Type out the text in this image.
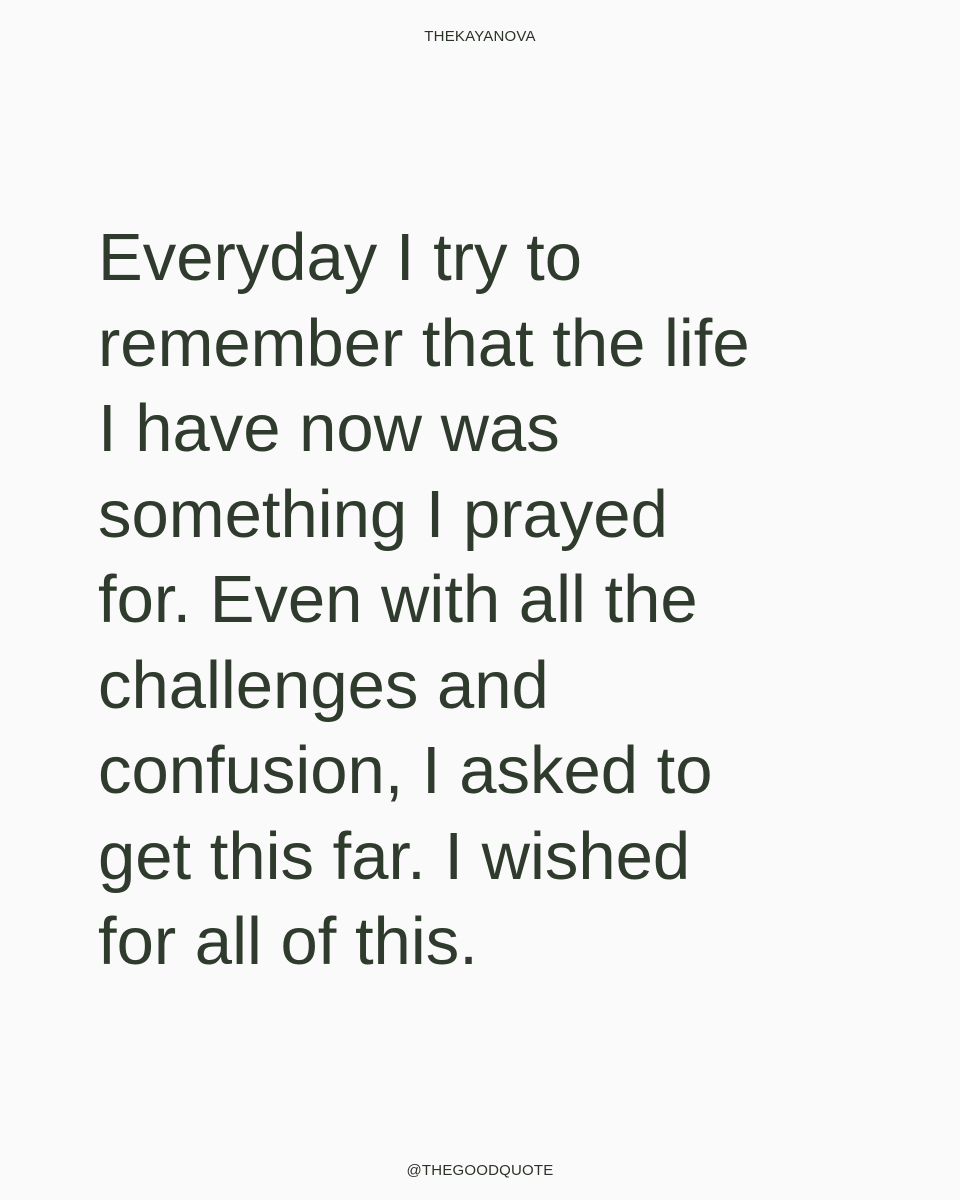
THEKAYANOVA

Everyday I try to
remember that the life
I have now was
something I prayed
for. Even with all the
challenges and
confusion, I asked to
get this far. I wished
for all of this.

@THEGOODQUOTE
